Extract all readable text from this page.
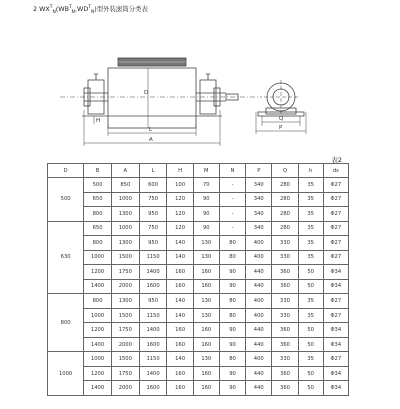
2 $WX^T_N(WB^T_N,WD^T_N)$型外装滚筒分类表
D
L
A
H	Q
P
表2
D	B	A	L	H	M	N	P	Q	h	ds
500	500	850	600	100	70	-	340	280	35	Φ27
	650	1000	750	120	90	-	340	280	35	Φ27
	800	1300	950	120	90	-	340	280	35	Φ27
630	650	1000	750	120	90	-	340	280	35	Φ27
	800	1300	950	140	130	80	400	330	35	Φ27
	1000	1500	1150	140	130	80	400	330	35	Φ27
	1200	1750	1400	160	160	90	440	360	50	Φ34
	1400	2000	1600	160	160	90	440	360	50	Φ34
800	800	1300	950	140	130	80	400	330	35	Φ27
	1000	1500	1150	140	130	80	400	330	35	Φ27
	1200	1750	1400	160	160	90	440	360	50	Φ34
	1400	2000	1600	160	160	90	440	360	50	Φ34
1000	1000	1500	1150	140	130	80	400	330	35	Φ27
	1200	1750	1400	160	160	90	440	360	50	Φ34
	1400	2000	1600	160	160	90	440	360	50	Φ34
